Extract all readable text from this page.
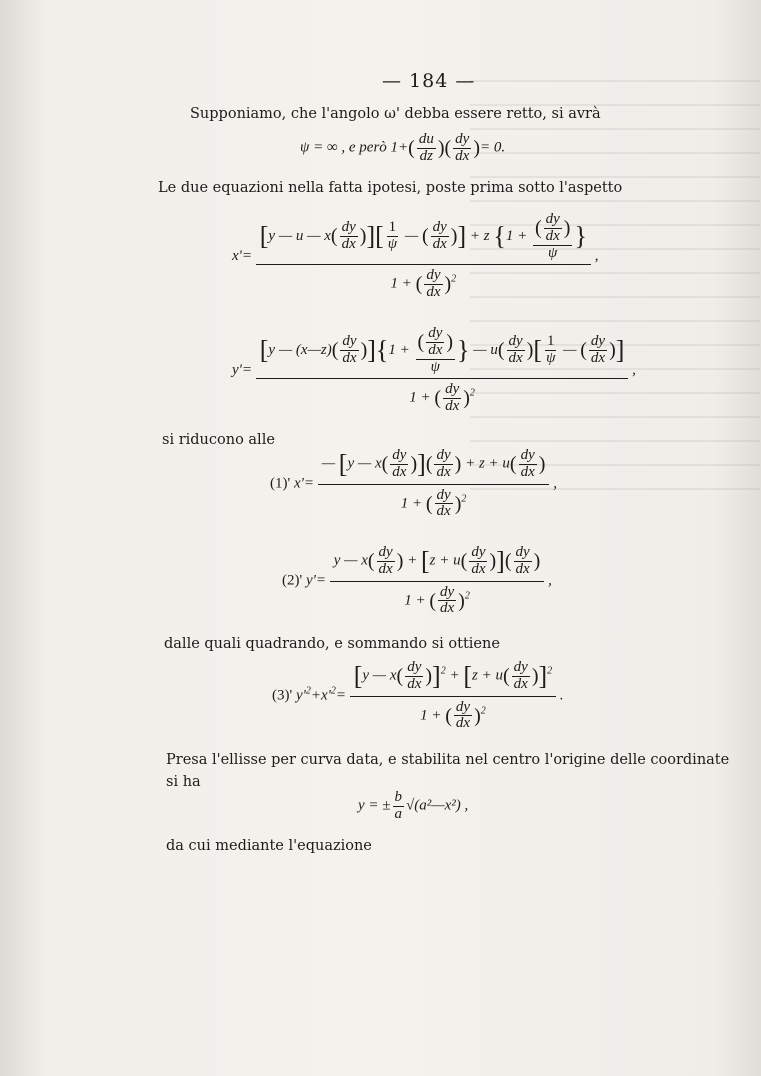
— 184 —
Supponiamo, che l'angolo ω' debba essere retto, si avrà
ψ = ∞ , e però $1+( \frac{du}{dz}$ )( $\frac{dy}{dx}$ )= 0.
Le due equazioni nella fatta ipotesi, poste prima sotto l'aspetto
$x'= \frac{[y — u — x( \frac{dy}{dx} )][ \frac{1}{\psi} — ( \frac{dy}{dx} )] + z \{1 + \frac{( \frac{dy}{dx} )}{\psi} \}}{1 + ( \frac{dy}{dx} )^2}$ ,
$y'= \frac{[y — (x—z)( \frac{dy}{dx} )]\{1 + \frac{( \frac{dy}{dx} )}{\psi} \} — u( \frac{dy}{dx} )[ \frac{1}{\psi} — ( \frac{dy}{dx} )]}{1 + ( \frac{dy}{dx} )^2}$ ,
si riducono alle
(1)' $x'= \frac{— [y — x( \frac{dy}{dx} )]( \frac{dy}{dx} ) + z + u( \frac{dy}{dx} )}{1 + ( \frac{dy}{dx} )^2}$ ,
(2)' $y'= \frac{y — x( \frac{dy}{dx} ) + [z + u( \frac{dy}{dx} )]( \frac{dy}{dx} )}{1 + ( \frac{dy}{dx} )^2}$ ,
dalle quali quadrando, e sommando si ottiene
(3)' $y'^2+x'^2= \frac{[y — x( \frac{dy}{dx} )]^2 + [z + u( \frac{dy}{dx} )]^2}{1 + ( \frac{dy}{dx} )^2}$ .
Presa l'ellisse per curva data, e stabilita nel centro l'origine delle coordinate
si ha
y = ± $\frac{b}{a}$ √(a²—x²) ,
da cui mediante l'equazione
